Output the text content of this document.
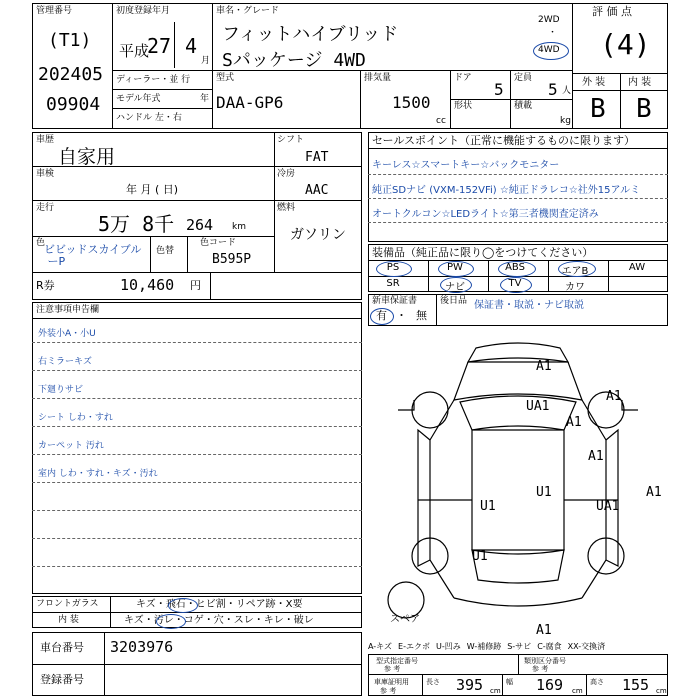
管理番号
(T1)
202405
09904
初度登録年月
平成
27 4
月
車名・グレード
フィットハイブリッド
Sパッケージ 4WD
2WD
・
4WD
評 価 点
(4)
外 装 内 装
B B
ディーラー・並 行
モデル年式	年
ハンドル 左・右
型式
DAA-GP6
排気量
1500
cc
ドア
5
定員
5 人
形状	積載
kg
車歴
自家用
車検
年 月 ( 日)
走行
5万 8千 264 km
色
ビビッドスカイブル
ーP
色替
色コード
B595P
シフト
FAT
冷房
AAC
燃料
ガソリン
R券	10,460 円
セールスポイント（正常に機能するものに限ります）
キーレス☆スマートキー☆バックモニター
純正SDナビ (VXM-152VFi) ☆純正ドラレコ☆社外15アルミ
オートクルコン☆LEDライト☆第三者機関査定済み
装備品（純正品に限り◯をつけてください）
PS	PW	ABS	エアB	AW
SR	ナビ	TV	カワ
新車保証書
有 ・ 無
後日品 保証書・取説・ナビ取説
注意事項申告欄
外装小A・小U
右ミラーキズ
下廻りサビ
シート しわ・すれ
カーペット 汚れ
室内 しわ・すれ・キズ・汚れ
フロントガラス	キズ・飛石・ヒビ割・リペア跡・X要
内 装	キズ・汚レ・コゲ・穴・スレ・キレ・破レ
車台番号 3203976
登録番号
A1
A1
UA1
A1
A1
A1
U1
U1
UA1
U1
A1
スペア
A-キズ E-エクボ U-凹み W-補修跡 S-サビ C-腐食 XX-交換済
型式指定番号
参 考
類別区分番号
参 考
車庫証明用
参 考
長さ 395 cm
幅 169 cm
高さ 155 cm
